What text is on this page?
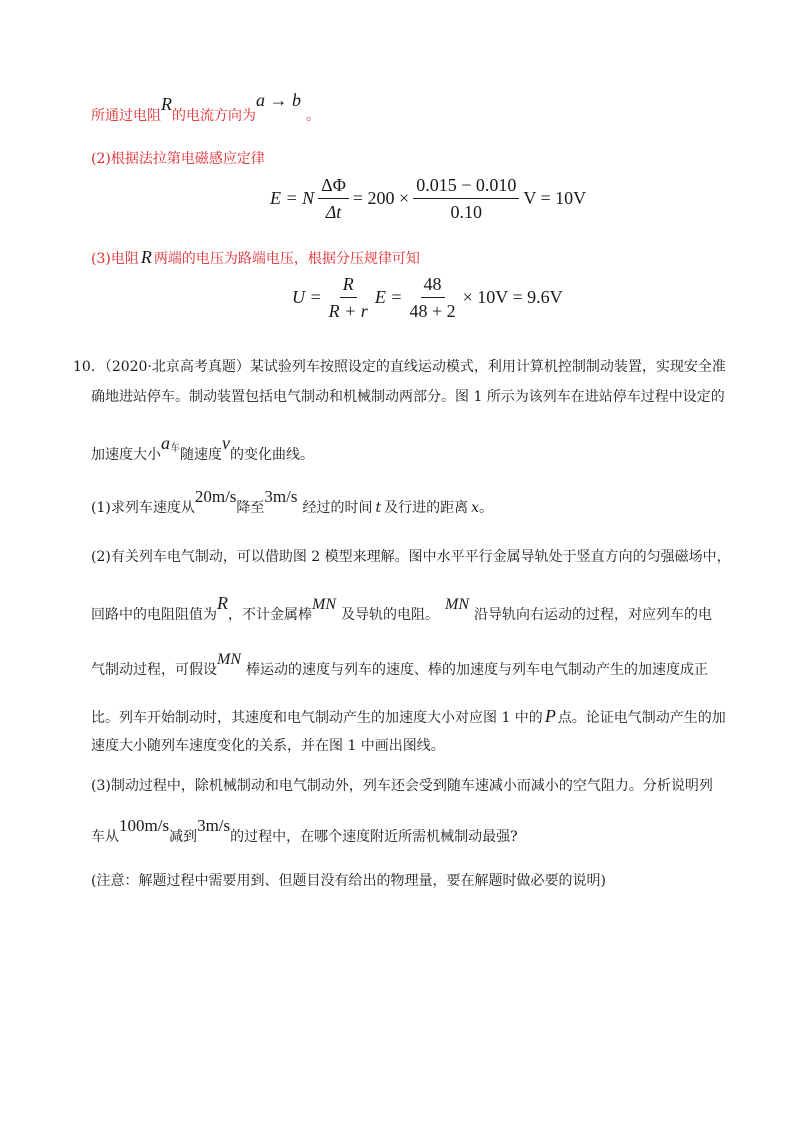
所通过电阻R的电流方向为a → b。
(2)根据法拉第电磁感应定律
E = N $\frac{\Delta\Phi}{\Delta t} = 200 \times \frac{0.015 - 0.010}{0.10}$ V = 10V
(3)电阻 R 两端的电压为路端电压，根据分压规律可知
$U = \frac{R}{R + r}$ $E = \frac{48}{48 + 2} \times 10V = 9.6V$
10．（2020·北京高考真题）某试验列车按照设定的直线运动模式，利用计算机控制制动装置，实现安全准
确地进站停车。制动装置包括电气制动和机械制动两部分。图 1 所示为该列车在进站停车过程中设定的
加速度大小$a^车$随速度v的变化曲线。
(1)求列车速度从20m/s降至3m/s经过的时间 t 及行进的距离 x。
(2)有关列车电气制动，可以借助图 2 模型来理解。图中水平平行金属导轨处于竖直方向的匀强磁场中，
回路中的电阻阻值为R，不计金属棒MN及导轨的电阻。MN沿导轨向右运动的过程，对应列车的电
气制动过程，可假设MN棒运动的速度与列车的速度、棒的加速度与列车电气制动产生的加速度成正
比。列车开始制动时，其速度和电气制动产生的加速度大小对应图 1 中的 P 点。论证电气制动产生的加
速度大小随列车速度变化的关系，并在图 1 中画出图线。
(3)制动过程中，除机械制动和电气制动外，列车还会受到随车速减小而减小的空气阻力。分析说明列
车从100m/s减到3m/s的过程中，在哪个速度附近所需机械制动最强?
(注意：解题过程中需要用到、但题目没有给出的物理量，要在解题时做必要的说明)
